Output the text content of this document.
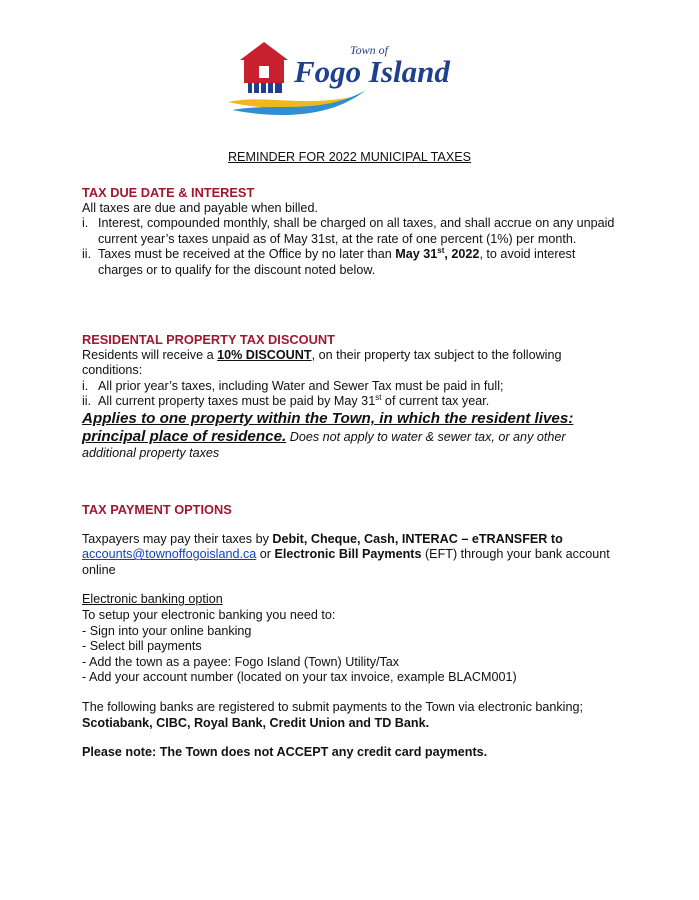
Town of
Fogo Island
REMINDER FOR 2022 MUNICIPAL TAXES
TAX DUE DATE & INTEREST
All taxes are due and payable when billed.
i. Interest, compounded monthly, shall be charged on all taxes, and shall accrue on any unpaid current year’s taxes unpaid as of May 31st, at the rate of one percent (1%) per month.
ii. Taxes must be received at the Office by no later than May 31st, 2022, to avoid interest charges or to qualify for the discount noted below.
RESIDENTAL PROPERTY TAX DISCOUNT
Residents will receive a 10% DISCOUNT, on their property tax subject to the following conditions:
i. All prior year’s taxes, including Water and Sewer Tax must be paid in full;
ii. All current property taxes must be paid by May 31st of current tax year.
Applies to one property within the Town, in which the resident lives: principal place of residence. Does not apply to water & sewer tax, or any other additional property taxes
TAX PAYMENT OPTIONS
Taxpayers may pay their taxes by Debit, Cheque, Cash, INTERAC – eTRANSFER to accounts@townoffogoisland.ca or Electronic Bill Payments (EFT) through your bank account online
Electronic banking option
To setup your electronic banking you need to:
- Sign into your online banking
- Select bill payments
- Add the town as a payee: Fogo Island (Town) Utility/Tax
- Add your account number (located on your tax invoice, example BLACM001)
The following banks are registered to submit payments to the Town via electronic banking;
Scotiabank, CIBC, Royal Bank, Credit Union and TD Bank.
Please note: The Town does not ACCEPT any credit card payments.
